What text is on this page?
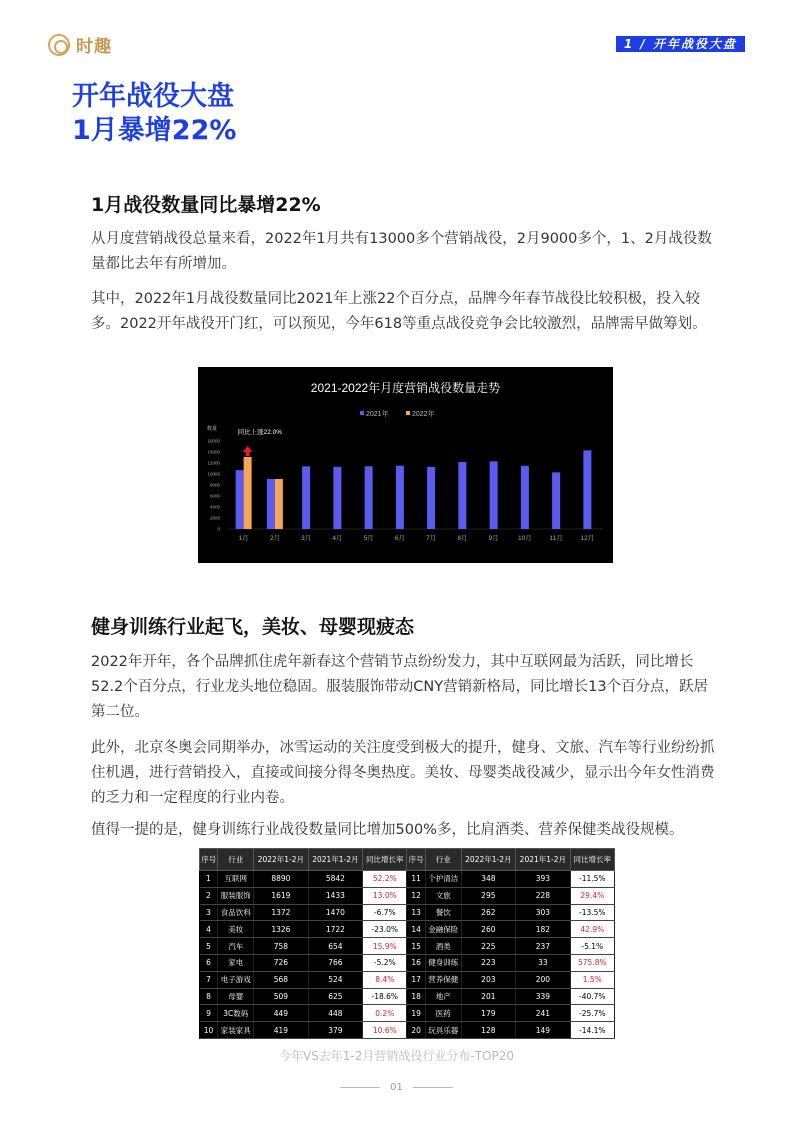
时趣	1 / 开年战役大盘
开年战役大盘
1月暴增22%
1月战役数量同比暴增22%
从月度营销战役总量来看，2022年1月共有13000多个营销战役，2月9000多个，1、2月战役数量都比去年有所增加。
其中，2022年1月战役数量同比2021年上涨22个百分点，品牌今年春节战役比较积极，投入较多。2022开年战役开门红，可以预见，今年618等重点战役竞争会比较激烈，品牌需早做筹划。
2021-2022年月度营销战役数量走势
2021年	2022年
数量
0
2000
4000
6000
8000
10000
12000
14000
16000
1月	2月	3月	4月	5月	6月	7月	8月	9月	10月	11月	12月
同比上涨22.0%
健身训练行业起飞，美妆、母婴现疲态
2022年开年，各个品牌抓住虎年新春这个营销节点纷纷发力，其中互联网最为活跃，同比增长52.2个百分点，行业龙头地位稳固。服装服饰带动CNY营销新格局，同比增长13个百分点，跃居第二位。
此外，北京冬奥会同期举办，冰雪运动的关注度受到极大的提升，健身、文旅、汽车等行业纷纷抓住机遇，进行营销投入，直接或间接分得冬奥热度。美妆、母婴类战役减少，显示出今年女性消费的乏力和一定程度的行业内卷。
值得一提的是，健身训练行业战役数量同比增加500%多，比肩酒类、营养保健类战役规模。
序号	行业	2022年1-2月	2021年1-2月	同比增长率	序号	行业	2022年1-2月	2021年1-2月	同比增长率
1	互联网	8890	5842	52.2%	11	个护清洁	348	393	-11.5%
2	服装服饰	1619	1433	13.0%	12	文旅	295	228	29.4%
3	食品饮料	1372	1470	-6.7%	13	餐饮	262	303	-13.5%
4	美妆	1326	1722	-23.0%	14	金融保险	260	182	42.9%
5	汽车	758	654	15.9%	15	酒类	225	237	-5.1%
6	家电	726	766	-5.2%	16	健身训练	223	33	575.8%
7	电子游戏	568	524	8.4%	17	营养保健	203	200	1.5%
8	母婴	509	625	-18.6%	18	地产	201	339	-40.7%
9	3C数码	449	448	0.2%	19	医药	179	241	-25.7%
10	家装家具	419	379	10.6%	20	玩具乐器	128	149	-14.1%
今年VS去年1-2月营销战役行业分布-TOP20
01
